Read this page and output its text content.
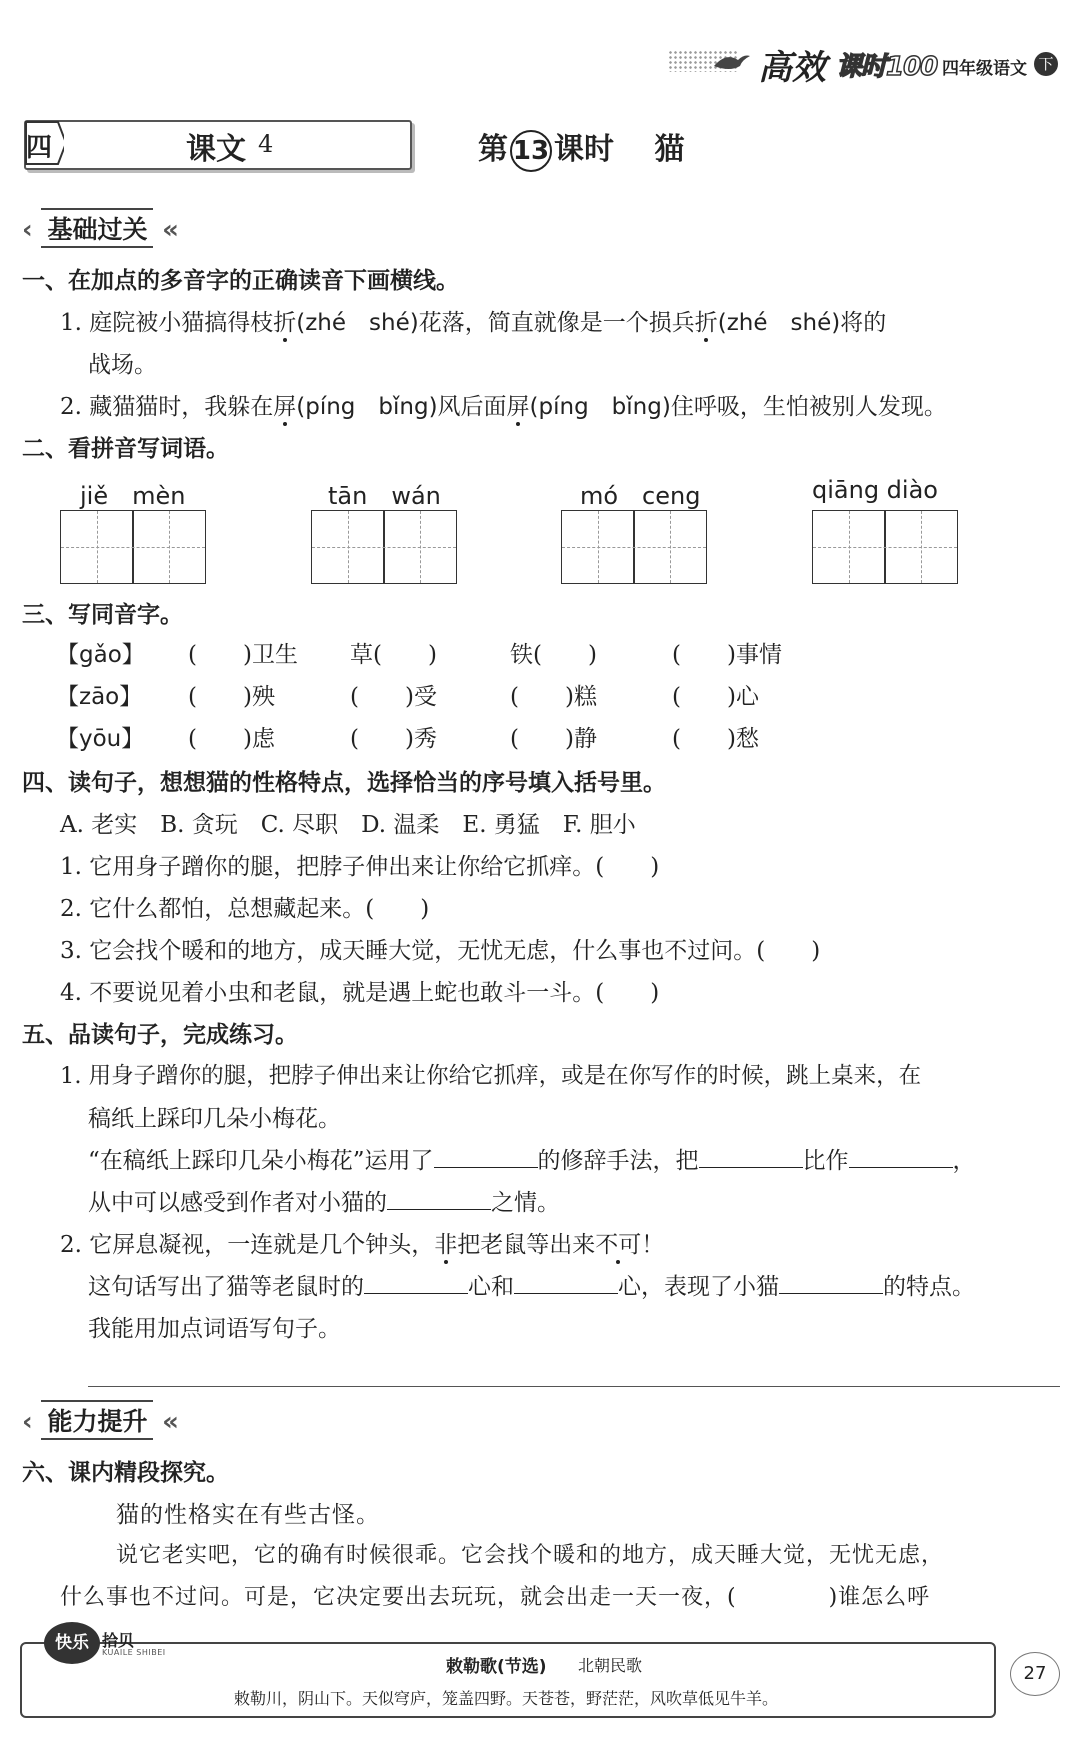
高效 课时100 四年级语文 下
四	课文 4	第 13 课时　 猫
‹ 基础过关 «
一、在加点的多音字的正确读音下画横线。
1. 庭院被小猫搞得枝折(zhé　shé)花落，简直就像是一个损兵折(zhé　shé)将的
战场。
2. 藏猫猫时，我躲在屏(píng　bǐng)风后面屏(píng　bǐng)住呼吸，生怕被别人发现。
二、看拼音写词语。
jiě　mèn	tān　wán	mó　ceng	qiāng diào
三、写同音字。
【gǎo】 (　　)卫生 草(　　)	铁(　　)	(　　)事情
【zāo】 (　　)殃	(　　)受	(　　)糕	(　　)心
【yōu】 (　　)虑	(　　)秀	(　　)静	(　　)愁
四、读句子，想想猫的性格特点，选择恰当的序号填入括号里。
A. 老实　B. 贪玩　C. 尽职　D. 温柔　E. 勇猛　F. 胆小
1. 它用身子蹭你的腿，把脖子伸出来让你给它抓痒。(　　)
2. 它什么都怕，总想藏起来。(　　)
3. 它会找个暖和的地方，成天睡大觉，无忧无虑，什么事也不过问。(　　)
4. 不要说见着小虫和老鼠，就是遇上蛇也敢斗一斗。(　　)
五、品读句子，完成练习。
1. 用身子蹭你的腿，把脖子伸出来让你给它抓痒，或是在你写作的时候，跳上桌来，在
稿纸上踩印几朵小梅花。
“在稿纸上踩印几朵小梅花”运用了	的修辞手法，把	比作	，
从中可以感受到作者对小猫的	之情。
2. 它屏息凝视，一连就是几个钟头，非把老鼠等出来不可！
这句话写出了猫等老鼠时的	心和	心，表现了小猫	的特点。
我能用加点词语写句子。
‹ 能力提升 «
六、课内精段探究。
猫的性格实在有些古怪。
说它老实吧，它的确有时候很乖。它会找个暖和的地方，成天睡大觉，无忧无虑，
什么事也不过问。可是，它决定要出去玩玩，就会出走一天一夜，(　　　　)谁怎么呼
快乐 拾贝
KUAILE SHIBEI
敕勒歌(节选) 北朝民歌
敕勒川，阴山下。天似穹庐，笼盖四野。天苍苍，野茫茫，风吹草低见牛羊。
27
